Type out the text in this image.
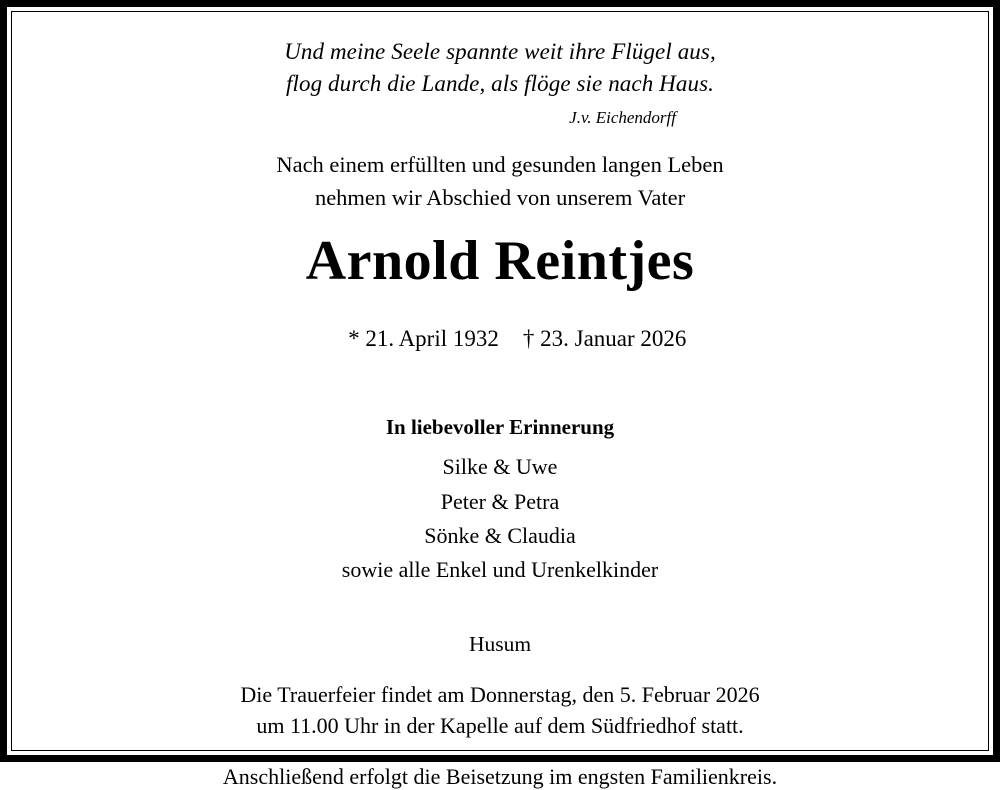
Und meine Seele spannte weit ihre Flügel aus,
flog durch die Lande, als flöge sie nach Haus.
J.v. Eichendorff
Nach einem erfüllten und gesunden langen Leben
nehmen wir Abschied von unserem Vater
Arnold Reintjes

* 21. April 1932 † 23. Januar 2026

In liebevoller Erinnerung
Silke & Uwe
Peter & Petra
Sönke & Claudia
sowie alle Enkel und Urenkelkinder
Husum
Die Trauerfeier findet am Donnerstag, den 5. Februar 2026
um 11.00 Uhr in der Kapelle auf dem Südfriedhof statt.
Anschließend erfolgt die Beisetzung im engsten Familienkreis.
